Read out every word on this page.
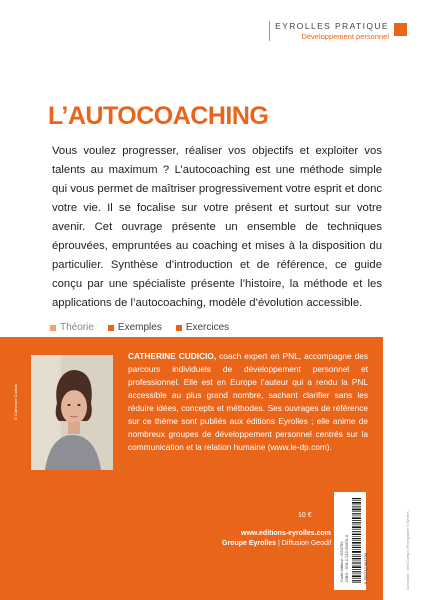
EYROLLES PRATIQUE
Développement personnel
L’AUTOCOACHING

Vous voulez progresser, réaliser vos objectifs et exploiter vos talents au maximum ? L’autocoaching est une méthode simple qui vous permet de maîtriser progressivement votre esprit et donc votre vie. Il se focalise sur votre présent et surtout sur votre avenir. Cet ouvrage présente un ensemble de techniques éprouvées, empruntées au coaching et mises à la disposition du particulier. Synthèse d’introduction et de référence, ce guide conçu par une spécialiste présente l’histoire, la méthode et les applications de l’autocoaching, modèle d’évolution accessible.

Théorie Exemples Exercices
© Catherine Cudicio
CATHERINE CUDICIO, coach expert en PNL, accompagne des parcours individuels de développement personnel et professionnel. Elle est en Europe l’auteur qui a rendu la PNL accessible au plus grand nombre, sachant clarifier sans les réduire idées, concepts et méthodes. Ses ouvrages de référence sur ce thème sont publiés aux éditions Eyrolles ; elle anime de nombreux groupes de développement personnel centrés sur la communication et la relation humaine (www.le-dp.com).
10 €
www.editions-eyrolles.com
Groupe Eyrolles | Diffusion Geodif Code éditeur : G53793 ISBN : 978-2-212-55379-0	9 782212 553790	Conception : Nord Compo / Photographie © Eyrolles
